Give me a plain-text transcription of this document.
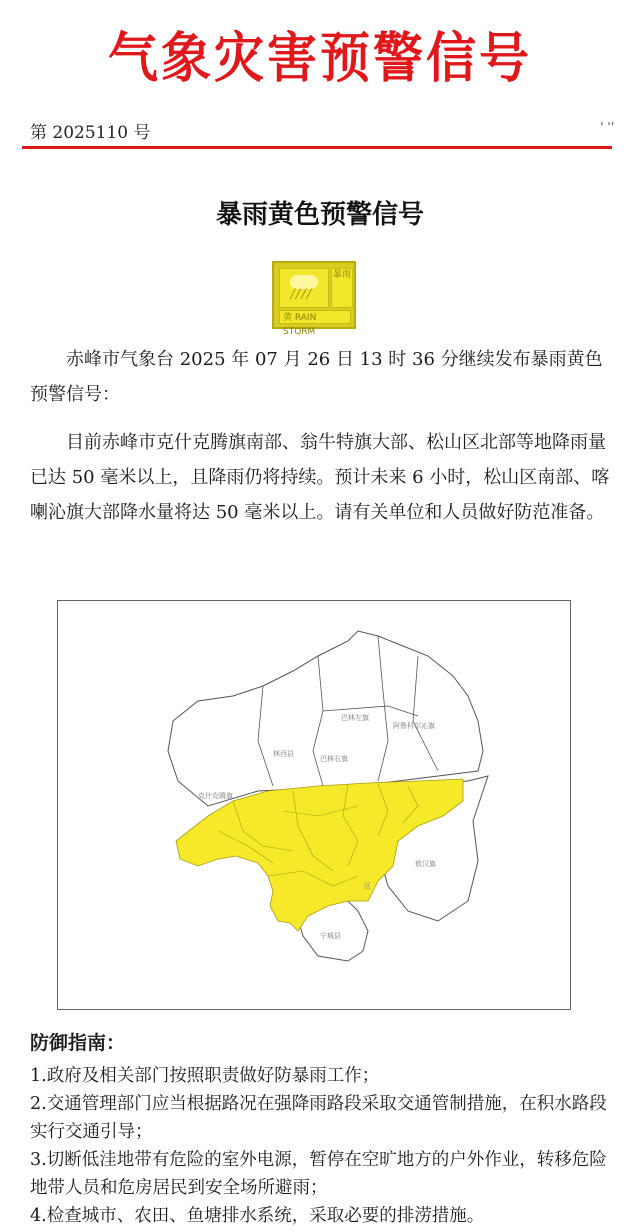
气象灾害预警信号
第 2025110 号	' ''
暴雨黄色预警信号
╱╱╱╱
暴雨
黄 RAIN STORM
赤峰市气象台 2025 年 07 月 26 日 13 时 36 分继续发布暴雨黄色预警信号：
目前赤峰市克什克腾旗南部、翁牛特旗大部、松山区北部等地降雨量已达 50 毫米以上，且降雨仍将持续。预计未来 6 小时，松山区南部、喀喇沁旗大部降水量将达 50 毫米以上。请有关单位和人员做好防范准备。
巴林左旗
阿鲁科尔沁旗
林西县
巴林右旗
克什克腾旗
敖汉旗
区
宁城县
防御指南：
1.政府及相关部门按照职责做好防暴雨工作；
2.交通管理部门应当根据路况在强降雨路段采取交通管制措施，在积水路段实行交通引导；
3.切断低洼地带有危险的室外电源，暂停在空旷地方的户外作业，转移危险地带人员和危房居民到安全场所避雨；
4.检查城市、农田、鱼塘排水系统，采取必要的排涝措施。
